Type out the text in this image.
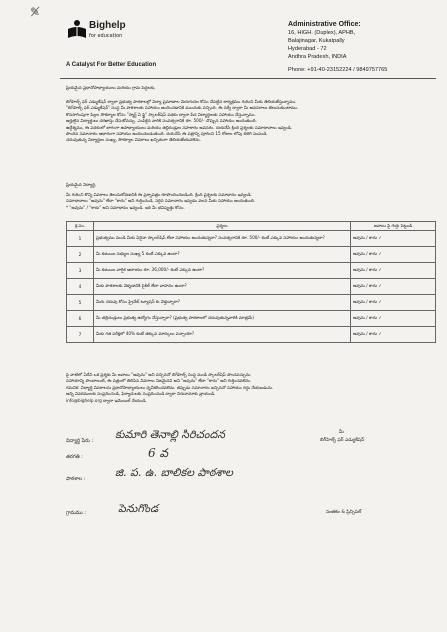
✎̸
Bighelp
for education
A Catalyst For Better Education
Administrative Office:
16, HIGH. (Duplex), APHB,
Balajinagar, Kukatpally
Hyderabad - 72
Andhra Pradesh, INDIA
Phone: +91-40-23152224 / 9849757765
ప్రియమైన ప్రధానోపాధ్యాయులు మరియు గ్రామ పెద్దలకు,
బిగ్‌హెల్ప్ ఫర్ ఎడ్యుకేషన్ ద్వారా ప్రభుత్వ పాఠశాలల్లో విద్యా ప్రమాణాల మెరుగుదల కోసం చేపట్టిన కార్యక్రమం గురించి మీకు తెలియజేస్తున్నాము.
"బిగ్‌హెల్ప్ ఫర్ ఎడ్యుకేషన్" సంస్థ మీ పాఠశాలకు సహాయం అందించడానికి ముందుకు వచ్చింది. ఈ సర్వే ద్వారా మీ అవసరాలు తెలుసుకుంటాము.
కొనసాగింపుగా పిల్లల సౌకర్యాల కోసం "స్మార్ట్ ఏ ఫ్లై" స్కాలర్‌షిప్ పథకం ద్వారా పేద విద్యార్థులకు సహాయం చేస్తున్నాము.
అర్హులైన విద్యార్థులు దరఖాస్తు చేసుకోవచ్చు. ఎంపికైన వారికి సంవత్సరానికి రూ. 500/- చొప్పున సహాయం అందుతుంది.
ఉద్దేశ్యము, ఈ పథకంలో భాగంగా ఉపాధ్యాయులు మరియు తల్లిదండ్రుల సహకారం అవసరం. దయచేసి క్రింది ప్రశ్నలకు సమాధానాలు ఇవ్వండి.
పొందిన సమాచారం ఆధారంగా సహాయం అందించబడుతుంది. దయచేసి ఈ పత్రాన్ని పూరించి 15 రోజుల లోపు తిరిగి పంపండి.
చదువుతున్న విద్యార్థుల సంఖ్య, సౌకర్యాల వివరాలు ఖచ్చితంగా తెలియజేయవలెను.
ప్రియమైన విద్యార్థి,
మీ గురించి కొన్ని వివరాలు తెలుసుకోవడానికి ఈ ప్రశ్నాపత్రం రూపొందించబడింది. క్రింది ప్రశ్నలకు సమాధానం ఇవ్వండి.
సమాధానాలు "అవును" లేదా "కాదు" అని గుర్తించండి. సరైన సమాచారం ఇవ్వడం వలన మీకు సహాయం అందుతుంది.
* "అవును" / "కాదు" అని సమాధానం ఇవ్వండి. ఇది మీ భవిష్యత్తు కోసం.
క్ర.సం.	ప్రశ్నలు	జవాబు పై గుర్తు పెట్టండి
1	ప్రభుత్వము నుండి మీకు ఏదైనా స్కాలర్‌షిప్ లేదా సహాయం అందుతున్నదా? సంవత్సరానికి రూ. 500/- కంటే ఎక్కువ సహాయం అందుతున్నదా?	అవును / కాదు ✓
2	మీ కుటుంబ సభ్యుల సంఖ్య 5 కంటే ఎక్కువ ఉందా?	అవును / కాదు ✓
3	మీ కుటుంబ వార్షిక ఆదాయం రూ. 36,000/- కంటే ఎక్కువ ఉందా?	అవును / కాదు ✓
4	మీకు పాఠశాలకు వెళ్ళడానికి సైకిల్ లేదా వాహనం ఉందా?	అవును / కాదు ✓
5	మీరు చదువు కోసం ప్రైవేట్ ట్యూషన్ కు వెళ్తున్నారా?	అవును / కాదు ✓
6	మీ తల్లిదండ్రులు ప్రభుత్వ ఉద్యోగం చేస్తున్నారా? (ప్రభుత్వ పాఠశాలలో చదువుతున్నవారికి మాత్రమే)	అవును / కాదు ✓
7	మీకు గత పరీక్షలో 40% కంటే తక్కువ మార్కులు వచ్చాయా?	అవును / కాదు ✓
పై వాటిలో ఏదేని ఒక ప్రశ్నకు మీ జవాబు "అవును" అని వచ్చినచో బిగ్‌హెల్ప్ సంస్థ నుండి స్కాలర్‌షిప్ పొందవచ్చును.
సహాయాన్ని పొందాలంటే, ఈ పత్రంలో తెలిపిన వివరాలు నిజమైనవి అని "అవును" లేదా "కాదు" అని గుర్తించవలెను.
గమనిక: విద్యార్థి వివరాలను ప్రధానోపాధ్యాయులు ధృవీకరించవలెను. తప్పుడు సమాచారం ఇచ్చినచో సహాయం రద్దు చేయబడును.
అన్ని వివరములకు సంప్రదించండి, ఫిర్యాదులకు సంప్రదించండి ద్వారా చిరునామాకు వ్రాయండి.
info@bighelp.org ద్వారా ఇమెయిల్ చేయండి.
విద్యార్థి పేరు : కుమారి తెనాల్లి సిరిచందన	మీ
బిగ్‌హెల్ప్ ఫర్ ఎడ్యుకేషన్
తరగతి :	6 వ
పాఠశాల :	జి. ప. ఉ. బాలికల పాఠశాల
గ్రామము :	పెనుగొండ	సంతకం & ప్రిన్సిపల్
